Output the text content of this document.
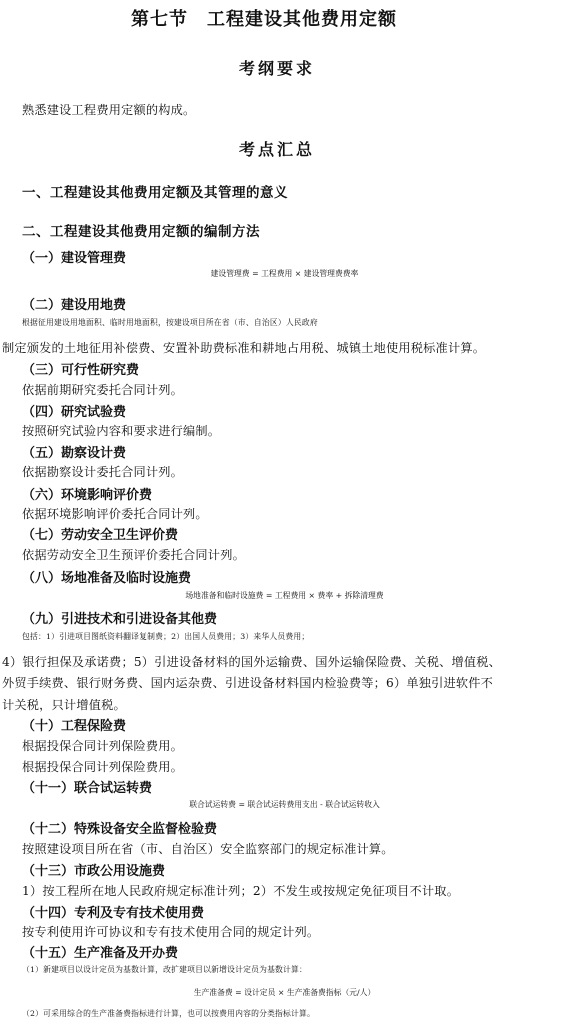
第七节　工程建设其他费用定额
考纲要求
熟悉建设工程费用定额的构成。
考点汇总
一、工程建设其他费用定额及其管理的意义
二、工程建设其他费用定额的编制方法
（一）建设管理费
建设管理费 = 工程费用 × 建设管理费费率
（二）建设用地费
根据征用建设用地面积、临时用地面积，按建设项目所在省（市、自治区）人民政府
制定颁发的土地征用补偿费、安置补助费标准和耕地占用税、城镇土地使用税标准计算。
（三）可行性研究费
依据前期研究委托合同计列。
（四）研究试验费
按照研究试验内容和要求进行编制。
（五）勘察设计费
依据勘察设计委托合同计列。
（六）环境影响评价费
依据环境影响评价委托合同计列。
（七）劳动安全卫生评价费
依据劳动安全卫生预评价委托合同计列。
（八）场地准备及临时设施费
场地准备和临时设施费 = 工程费用 × 费率 + 拆除清理费
（九）引进技术和引进设备其他费
包括：1）引进项目图纸资料翻译复制费；2）出国人员费用；3）来华人员费用；
4）银行担保及承诺费；5）引进设备材料的国外运输费、国外运输保险费、关税、增值税、
外贸手续费、银行财务费、国内运杂费、引进设备材料国内检验费等；6）单独引进软件不
计关税，只计增值税。
（十）工程保险费
根据投保合同计列保险费用。
根据投保合同计列保险费用。
（十一）联合试运转费
联合试运转费 = 联合试运转费用支出 - 联合试运转收入
（十二）特殊设备安全监督检验费
按照建设项目所在省（市、自治区）安全监察部门的规定标准计算。
（十三）市政公用设施费
1）按工程所在地人民政府规定标准计列；2）不发生或按规定免征项目不计取。
（十四）专利及专有技术使用费
按专利使用许可协议和专有技术使用合同的规定计列。
（十五）生产准备及开办费
（1）新建项目以设计定员为基数计算，改扩建项目以新增设计定员为基数计算：
生产准备费 = 设计定员 × 生产准备费指标（元/人）
（2）可采用综合的生产准备费指标进行计算，也可以按费用内容的分类指标计算。
